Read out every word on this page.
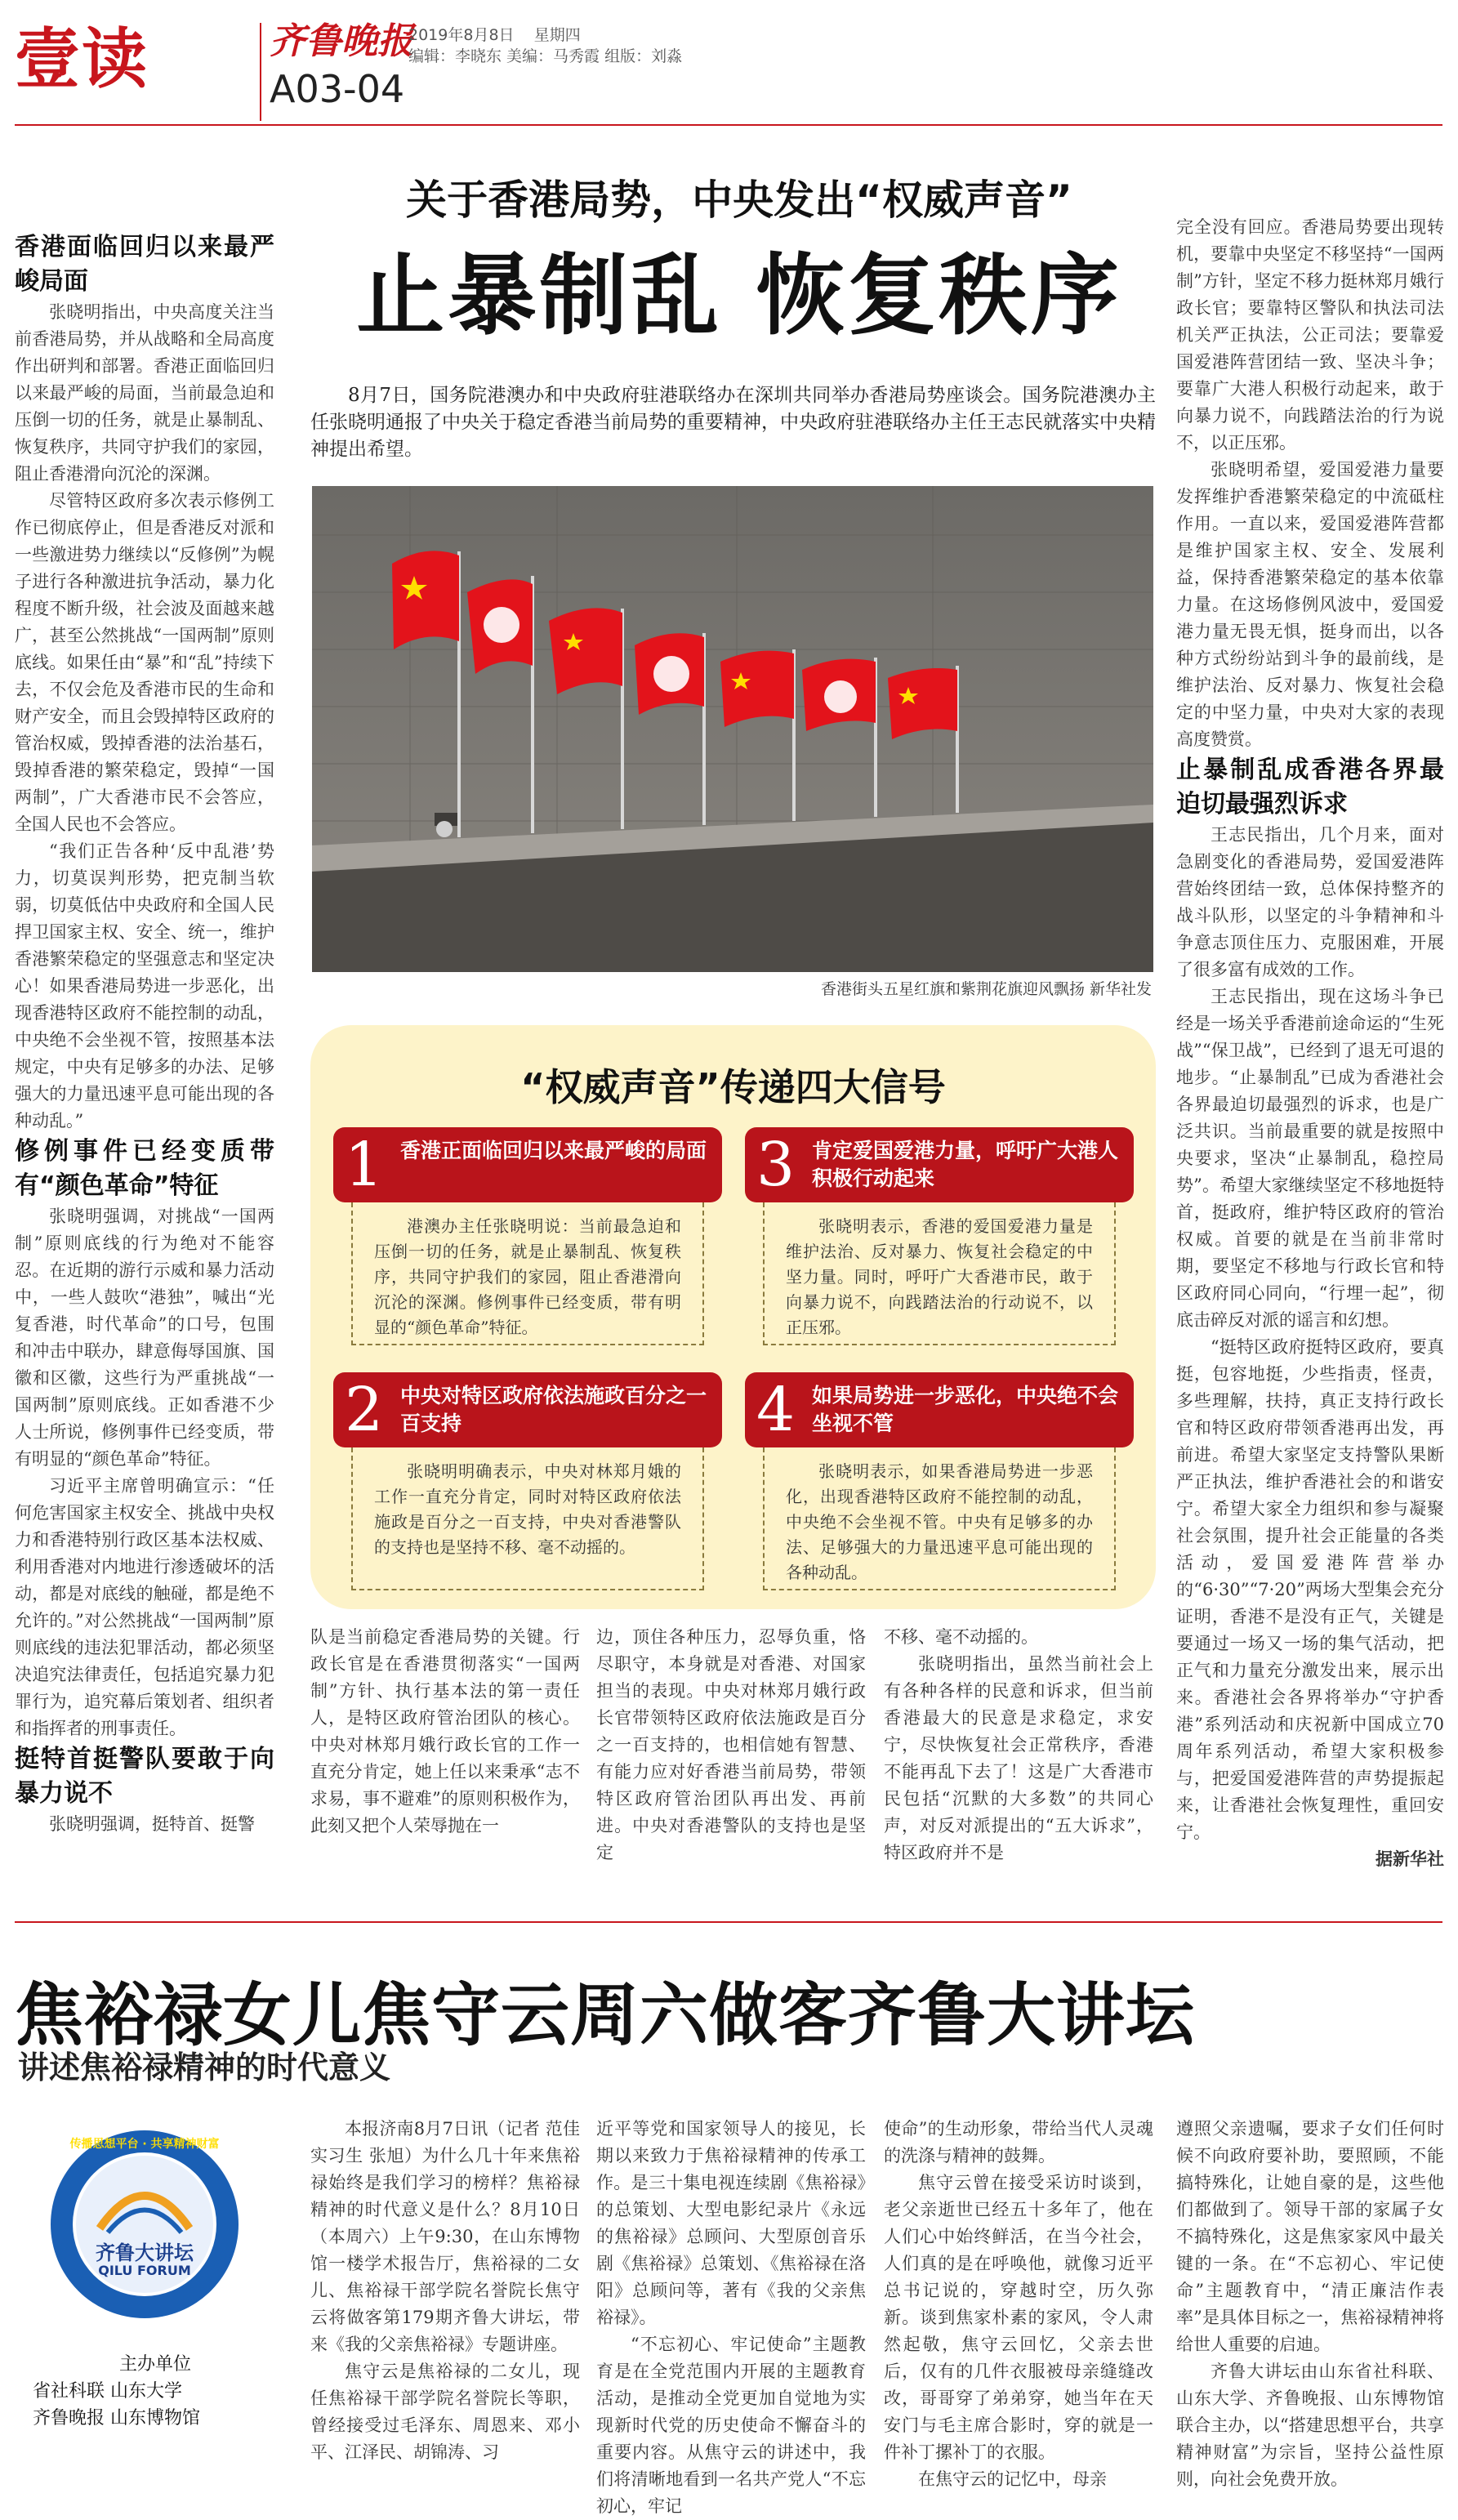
壹读	齐鲁晚报
A03-04
2019年8月8日 星期四
编辑：李晓东 美编：马秀霞 组版：刘淼

香港面临回归以来最严峻局面

张晓明指出，中央高度关注当前香港局势，并从战略和全局高度作出研判和部署。香港正面临回归以来最严峻的局面，当前最急迫和压倒一切的任务，就是止暴制乱、恢复秩序，共同守护我们的家园，阻止香港滑向沉沦的深渊。

尽管特区政府多次表示修例工作已彻底停止，但是香港反对派和一些激进势力继续以“反修例”为幌子进行各种激进抗争活动，暴力化程度不断升级，社会波及面越来越广，甚至公然挑战“一国两制”原则底线。如果任由“暴”和“乱”持续下去，不仅会危及香港市民的生命和财产安全，而且会毁掉特区政府的管治权威，毁掉香港的法治基石，毁掉香港的繁荣稳定，毁掉“一国两制”，广大香港市民不会答应，全国人民也不会答应。

“我们正告各种‘反中乱港’势力，切莫误判形势，把克制当软弱，切莫低估中央政府和全国人民捍卫国家主权、安全、统一，维护香港繁荣稳定的坚强意志和坚定决心！如果香港局势进一步恶化，出现香港特区政府不能控制的动乱，中央绝不会坐视不管，按照基本法规定，中央有足够多的办法、足够强大的力量迅速平息可能出现的各种动乱。”

修例事件已经变质带有“颜色革命”特征

张晓明强调，对挑战“一国两制”原则底线的行为绝对不能容忍。在近期的游行示威和暴力活动中，一些人鼓吹“港独”，喊出“光复香港，时代革命”的口号，包围和冲击中联办，肆意侮辱国旗、国徽和区徽，这些行为严重挑战“一国两制”原则底线。正如香港不少人士所说，修例事件已经变质，带有明显的“颜色革命”特征。

习近平主席曾明确宣示：“任何危害国家主权安全、挑战中央权力和香港特别行政区基本法权威、利用香港对内地进行渗透破坏的活动，都是对底线的触碰，都是绝不允许的。”对公然挑战“一国两制”原则底线的违法犯罪活动，都必须坚决追究法律责任，包括追究暴力犯罪行为，追究幕后策划者、组织者和指挥者的刑事责任。

挺特首挺警队要敢于向暴力说不

张晓明强调，挺特首、挺警

关于香港局势，中央发出“权威声音”
止暴制乱 恢复秩序
8月7日，国务院港澳办和中央政府驻港联络办在深圳共同举办香港局势座谈会。国务院港澳办主任张晓明通报了中央关于稳定香港当前局势的重要精神，中央政府驻港联络办主任王志民就落实中央精神提出希望。
香港街头五星红旗和紫荆花旗迎风飘扬 新华社发
“权威声音”传递四大信号
1 香港正面临回归以来最严峻的局面
港澳办主任张晓明说：当前最急迫和压倒一切的任务，就是止暴制乱、恢复秩序，共同守护我们的家园，阻止香港滑向沉沦的深渊。修例事件已经变质，带有明显的“颜色革命”特征。
3 肯定爱国爱港力量，呼吁广大港人积极行动起来
张晓明表示，香港的爱国爱港力量是维护法治、反对暴力、恢复社会稳定的中坚力量。同时，呼吁广大香港市民，敢于向暴力说不，向践踏法治的行动说不，以正压邪。
2 中央对特区政府依法施政百分之一百支持
张晓明明确表示，中央对林郑月娥的工作一直充分肯定，同时对特区政府依法施政是百分之一百支持，中央对香港警队的支持也是坚持不移、毫不动摇的。
4 如果局势进一步恶化，中央绝不会坐视不管
张晓明表示，如果香港局势进一步恶化，出现香港特区政府不能控制的动乱，中央绝不会坐视不管。中央有足够多的办法、足够强大的力量迅速平息可能出现的各种动乱。

队是当前稳定香港局势的关键。行政长官是在香港贯彻落实“一国两制”方针、执行基本法的第一责任人，是特区政府管治团队的核心。中央对林郑月娥行政长官的工作一直充分肯定，她上任以来秉承“志不求易，事不避难”的原则积极作为，此刻又把个人荣辱抛在一

边，顶住各种压力，忍辱负重，恪尽职守，本身就是对香港、对国家担当的表现。中央对林郑月娥行政长官带领特区政府依法施政是百分之一百支持的，也相信她有智慧、有能力应对好香港当前局势，带领特区政府管治团队再出发、再前进。中央对香港警队的支持也是坚定

不移、毫不动摇的。

张晓明指出，虽然当前社会上有各种各样的民意和诉求，但当前香港最大的民意是求稳定，求安宁，尽快恢复社会正常秩序，香港不能再乱下去了！这是广大香港市民包括“沉默的大多数”的共同心声，对反对派提出的“五大诉求”，特区政府并不是

完全没有回应。香港局势要出现转机，要靠中央坚定不移坚持“一国两制”方针，坚定不移力挺林郑月娥行政长官；要靠特区警队和执法司法机关严正执法，公正司法；要靠爱国爱港阵营团结一致、坚决斗争；要靠广大港人积极行动起来，敢于向暴力说不，向践踏法治的行为说不，以正压邪。

张晓明希望，爱国爱港力量要发挥维护香港繁荣稳定的中流砥柱作用。一直以来，爱国爱港阵营都是维护国家主权、安全、发展利益，保持香港繁荣稳定的基本依靠力量。在这场修例风波中，爱国爱港力量无畏无惧，挺身而出，以各种方式纷纷站到斗争的最前线，是维护法治、反对暴力、恢复社会稳定的中坚力量，中央对大家的表现高度赞赏。

止暴制乱成香港各界最迫切最强烈诉求

王志民指出，几个月来，面对急剧变化的香港局势，爱国爱港阵营始终团结一致，总体保持整齐的战斗队形，以坚定的斗争精神和斗争意志顶住压力、克服困难，开展了很多富有成效的工作。

王志民指出，现在这场斗争已经是一场关乎香港前途命运的“生死战”“保卫战”，已经到了退无可退的地步。“止暴制乱”已成为香港社会各界最迫切最强烈的诉求，也是广泛共识。当前最重要的就是按照中央要求，坚决“止暴制乱，稳控局势”。希望大家继续坚定不移地挺特首，挺政府，维护特区政府的管治权威。首要的就是在当前非常时期，要坚定不移地与行政长官和特区政府同心同向，“行埋一起”，彻底击碎反对派的谣言和幻想。

“挺特区政府挺特区政府，要真挺，包容地挺，少些指责，怪责，多些理解，扶持，真正支持行政长官和特区政府带领香港再出发，再前进。希望大家坚定支持警队果断严正执法，维护香港社会的和谐安宁。希望大家全力组织和参与凝聚社会氛围，提升社会正能量的各类活动，爱国爱港阵营举办的“6·30”“7·20”两场大型集会充分证明，香港不是没有正气，关键是要通过一场又一场的集气活动，把正气和力量充分激发出来，展示出来。香港社会各界将举办“守护香港”系列活动和庆祝新中国成立70周年系列活动，希望大家积极参与，把爱国爱港阵营的声势提振起来，让香港社会恢复理性，重回安宁。

据新华社

焦裕禄女儿焦守云周六做客齐鲁大讲坛
讲述焦裕禄精神的时代意义
传播思想平台 · 共享精神财富
齐鲁大讲坛
QILU FORUM
主办单位
省社科联 山东大学
齐鲁晚报 山东博物馆

本报济南8月7日讯（记者 范佳 实习生 张旭）为什么几十年来焦裕禄始终是我们学习的榜样？焦裕禄精神的时代意义是什么？8月10日（本周六）上午9:30，在山东博物馆一楼学术报告厅，焦裕禄的二女儿、焦裕禄干部学院名誉院长焦守云将做客第179期齐鲁大讲坛，带来《我的父亲焦裕禄》专题讲座。

焦守云是焦裕禄的二女儿，现任焦裕禄干部学院名誉院长等职，曾经接受过毛泽东、周恩来、邓小平、江泽民、胡锦涛、习

近平等党和国家领导人的接见，长期以来致力于焦裕禄精神的传承工作。是三十集电视连续剧《焦裕禄》的总策划、大型电影纪录片《永远的焦裕禄》总顾问、大型原创音乐剧《焦裕禄》总策划、《焦裕禄在洛阳》总顾问等，著有《我的父亲焦裕禄》。

“不忘初心、牢记使命”主题教育是在全党范围内开展的主题教育活动，是推动全党更加自觉地为实现新时代党的历史使命不懈奋斗的重要内容。从焦守云的讲述中，我们将清晰地看到一名共产党人“不忘初心，牢记

使命”的生动形象，带给当代人灵魂的洗涤与精神的鼓舞。

焦守云曾在接受采访时谈到，老父亲逝世已经五十多年了，他在人们心中始终鲜活，在当今社会，人们真的是在呼唤他，就像习近平总书记说的，穿越时空，历久弥新。谈到焦家朴素的家风，令人肃然起敬，焦守云回忆，父亲去世后，仅有的几件衣服被母亲缝缝改改，哥哥穿了弟弟穿，她当年在天安门与毛主席合影时，穿的就是一件补丁摞补丁的衣服。

在焦守云的记忆中，母亲

遵照父亲遗嘱，要求子女们任何时候不向政府要补助，要照顾，不能搞特殊化，让她自豪的是，这些他们都做到了。领导干部的家属子女不搞特殊化，这是焦家家风中最关键的一条。在“不忘初心、牢记使命”主题教育中，“清正廉洁作表率”是具体目标之一，焦裕禄精神将给世人重要的启迪。

齐鲁大讲坛由山东省社科联、山东大学、齐鲁晚报、山东博物馆联合主办，以“搭建思想平台，共享精神财富”为宗旨，坚持公益性原则，向社会免费开放。
